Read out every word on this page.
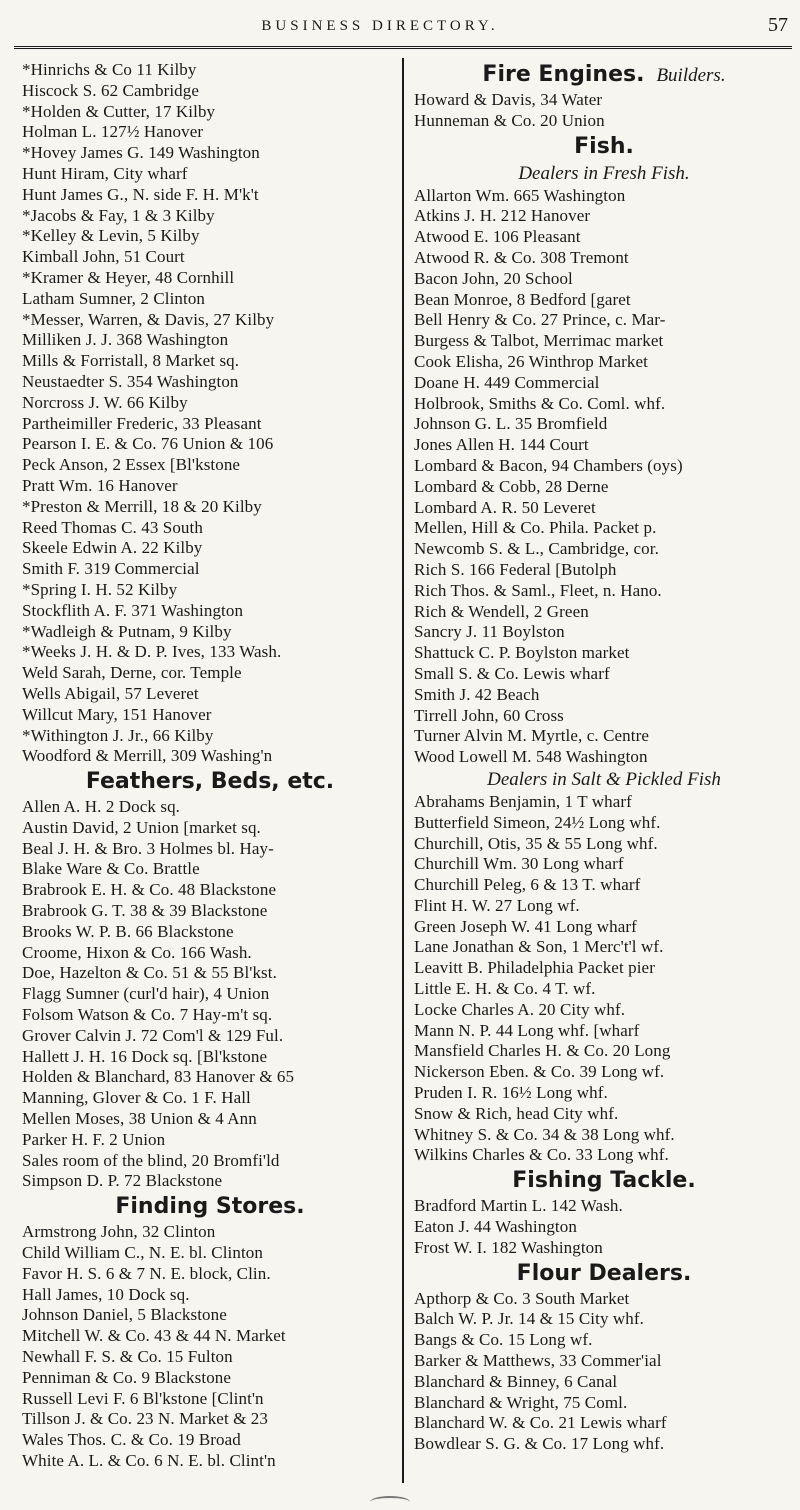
BUSINESS DIRECTORY.	57
*Hinrichs & Co 11 Kilby
Hiscock S. 62 Cambridge
*Holden & Cutter, 17 Kilby
Holman L. 127½ Hanover
*Hovey James G. 149 Washington
Hunt Hiram, City wharf
Hunt James G., N. side F. H. M'k't
*Jacobs & Fay, 1 & 3 Kilby
*Kelley & Levin, 5 Kilby
Kimball John, 51 Court
*Kramer & Heyer, 48 Cornhill
Latham Sumner, 2 Clinton
*Messer, Warren, & Davis, 27 Kilby
Milliken J. J. 368 Washington
Mills & Forristall, 8 Market sq.
Neustaedter S. 354 Washington
Norcross J. W. 66 Kilby
Partheimiller Frederic, 33 Pleasant
Pearson I. E. & Co. 76 Union & 106
Peck Anson, 2 Essex [Bl'kstone
Pratt Wm. 16 Hanover
*Preston & Merrill, 18 & 20 Kilby
Reed Thomas C. 43 South
Skeele Edwin A. 22 Kilby
Smith F. 319 Commercial
*Spring I. H. 52 Kilby
Stockflith A. F. 371 Washington
*Wadleigh & Putnam, 9 Kilby
*Weeks J. H. & D. P. Ives, 133 Wash.
Weld Sarah, Derne, cor. Temple
Wells Abigail, 57 Leveret
Willcut Mary, 151 Hanover
*Withington J. Jr., 66 Kilby
Woodford & Merrill, 309 Washing'n
Feathers, Beds, etc.
Allen A. H. 2 Dock sq.
Austin David, 2 Union [market sq.
Beal J. H. & Bro. 3 Holmes bl. Hay-
Blake Ware & Co. Brattle
Brabrook E. H. & Co. 48 Blackstone
Brabrook G. T. 38 & 39 Blackstone
Brooks W. P. B. 66 Blackstone
Croome, Hixon & Co. 166 Wash.
Doe, Hazelton & Co. 51 & 55 Bl'kst.
Flagg Sumner (curl'd hair), 4 Union
Folsom Watson & Co. 7 Hay-m't sq.
Grover Calvin J. 72 Com'l & 129 Ful.
Hallett J. H. 16 Dock sq. [Bl'kstone
Holden & Blanchard, 83 Hanover & 65
Manning, Glover & Co. 1 F. Hall
Mellen Moses, 38 Union & 4 Ann
Parker H. F. 2 Union
Sales room of the blind, 20 Bromfi'ld
Simpson D. P. 72 Blackstone
Finding Stores.
Armstrong John, 32 Clinton
Child William C., N. E. bl. Clinton
Favor H. S. 6 & 7 N. E. block, Clin.
Hall James, 10 Dock sq.
Johnson Daniel, 5 Blackstone
Mitchell W. & Co. 43 & 44 N. Market
Newhall F. S. & Co. 15 Fulton
Penniman & Co. 9 Blackstone
Russell Levi F. 6 Bl'kstone [Clint'n
Tillson J. & Co. 23 N. Market & 23
Wales Thos. C. & Co. 19 Broad
White A. L. & Co. 6 N. E. bl. Clint'n
Fire Engines. Builders.
Howard & Davis, 34 Water
Hunneman & Co. 20 Union
Fish.
Dealers in Fresh Fish.
Allarton Wm. 665 Washington
Atkins J. H. 212 Hanover
Atwood E. 106 Pleasant
Atwood R. & Co. 308 Tremont
Bacon John, 20 School
Bean Monroe, 8 Bedford [garet
Bell Henry & Co. 27 Prince, c. Mar-
Burgess & Talbot, Merrimac market
Cook Elisha, 26 Winthrop Market
Doane H. 449 Commercial
Holbrook, Smiths & Co. Coml. whf.
Johnson G. L. 35 Bromfield
Jones Allen H. 144 Court
Lombard & Bacon, 94 Chambers (oys)
Lombard & Cobb, 28 Derne
Lombard A. R. 50 Leveret
Mellen, Hill & Co. Phila. Packet p.
Newcomb S. & L., Cambridge, cor.
Rich S. 166 Federal [Butolph
Rich Thos. & Saml., Fleet, n. Hano.
Rich & Wendell, 2 Green
Sancry J. 11 Boylston
Shattuck C. P. Boylston market
Small S. & Co. Lewis wharf
Smith J. 42 Beach
Tirrell John, 60 Cross
Turner Alvin M. Myrtle, c. Centre
Wood Lowell M. 548 Washington
Dealers in Salt & Pickled Fish
Abrahams Benjamin, 1 T wharf
Butterfield Simeon, 24½ Long whf.
Churchill, Otis, 35 & 55 Long whf.
Churchill Wm. 30 Long wharf
Churchill Peleg, 6 & 13 T. wharf
Flint H. W. 27 Long wf.
Green Joseph W. 41 Long wharf
Lane Jonathan & Son, 1 Merc't'l wf.
Leavitt B. Philadelphia Packet pier
Little E. H. & Co. 4 T. wf.
Locke Charles A. 20 City whf.
Mann N. P. 44 Long whf. [wharf
Mansfield Charles H. & Co. 20 Long
Nickerson Eben. & Co. 39 Long wf.
Pruden I. R. 16½ Long whf.
Snow & Rich, head City whf.
Whitney S. & Co. 34 & 38 Long whf.
Wilkins Charles & Co. 33 Long whf.
Fishing Tackle.
Bradford Martin L. 142 Wash.
Eaton J. 44 Washington
Frost W. I. 182 Washington
Flour Dealers.
Apthorp & Co. 3 South Market
Balch W. P. Jr. 14 & 15 City whf.
Bangs & Co. 15 Long wf.
Barker & Matthews, 33 Commer'ial
Blanchard & Binney, 6 Canal
Blanchard & Wright, 75 Coml.
Blanchard W. & Co. 21 Lewis wharf
Bowdlear S. G. & Co. 17 Long whf.
